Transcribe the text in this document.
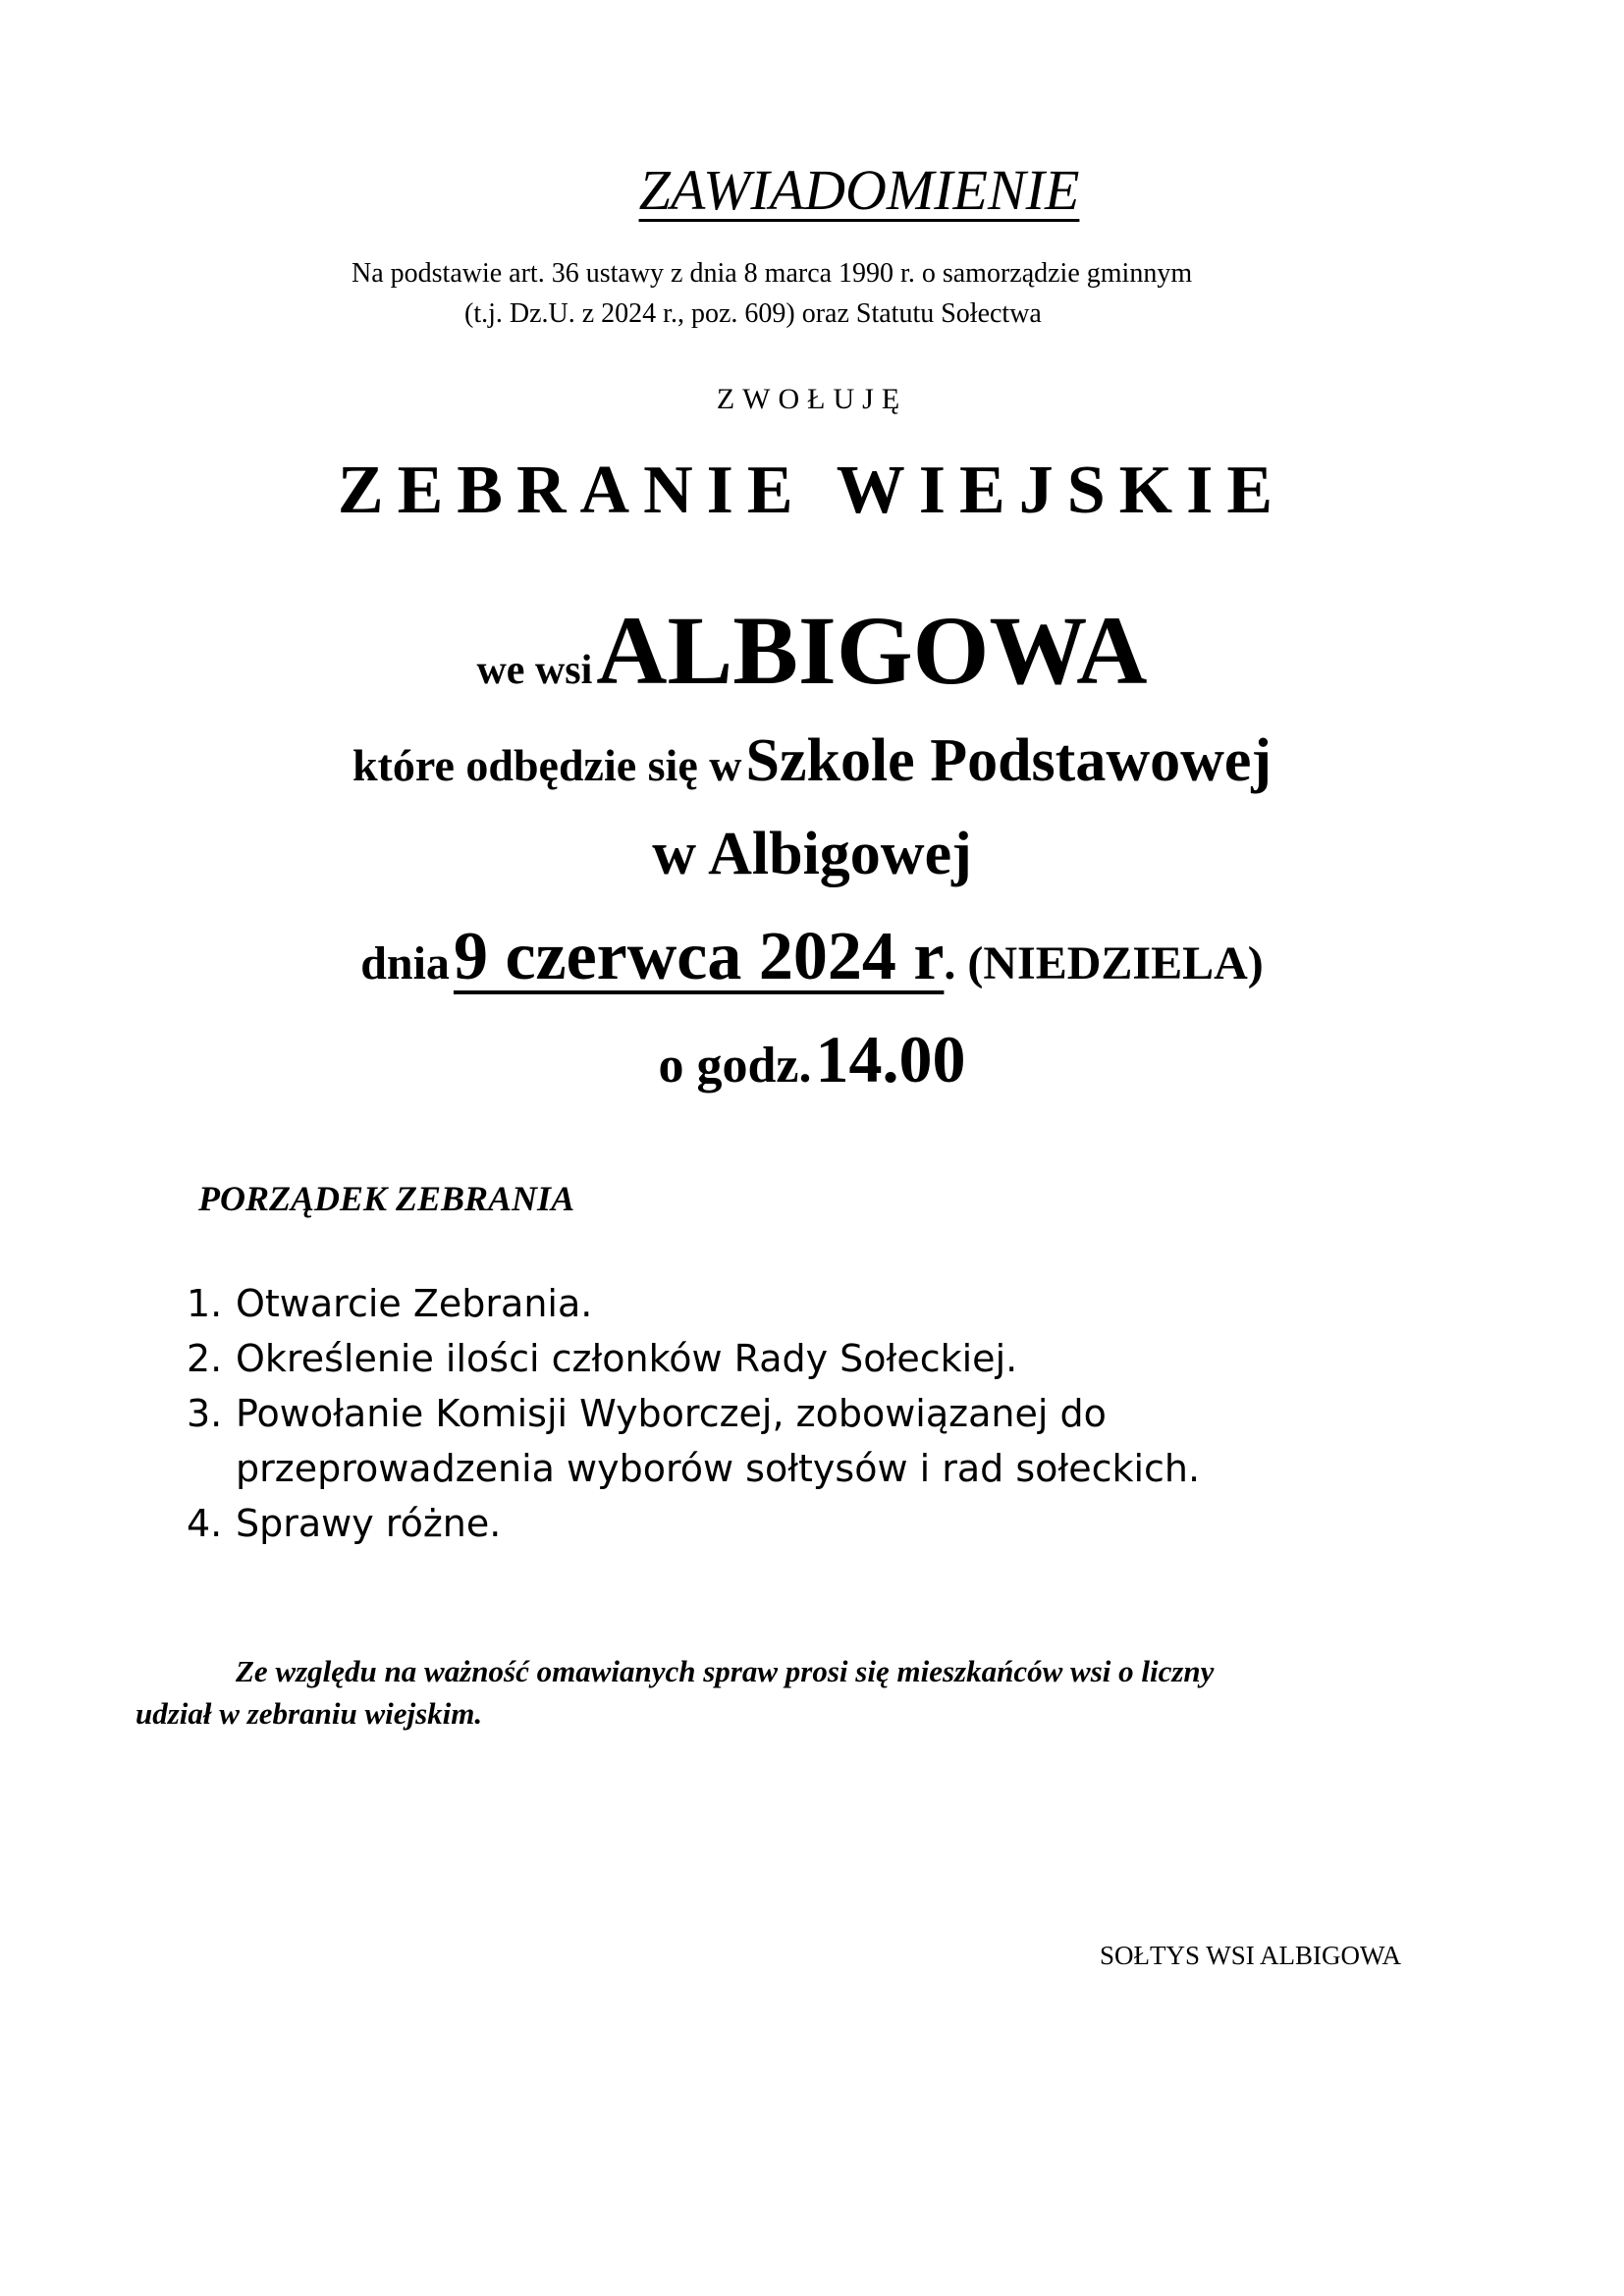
ZAWIADOMIENIE
Na podstawie art. 36 ustawy z dnia 8 marca 1990 r. o samorządzie gminnym
(t.j. Dz.U. z 2024 r., poz. 609) oraz Statutu Sołectwa
ZWOŁUJĘ
ZEBRANIE WIEJSKIE
we wsi ALBIGOWA
które odbędzie się w Szkole Podstawowej
w Albigowej
dnia 9 czerwca 2024 r. (NIEDZIELA)
o godz. 14.00
PORZĄDEK ZEBRANIA
1. Otwarcie Zebrania.
2. Określenie ilości członków Rady Sołeckiej.
3. Powołanie Komisji Wyborczej, zobowiązanej do
przeprowadzenia wyborów sołtysów i rad sołeckich.
4. Sprawy różne.
Ze względu na ważność omawianych spraw prosi się mieszkańców wsi o liczny
udział w zebraniu wiejskim.
SOŁTYS WSI ALBIGOWA
